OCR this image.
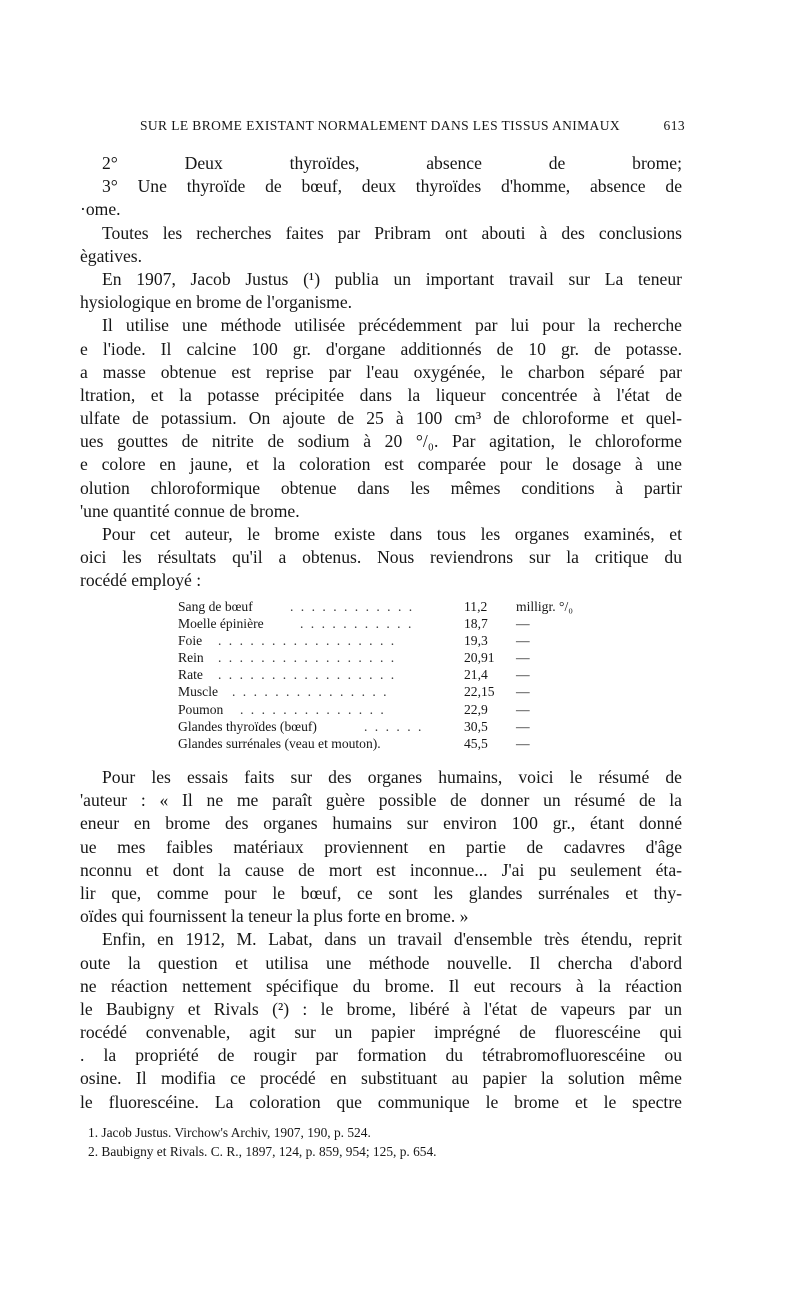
SUR LE BROME EXISTANT NORMALEMENT DANS LES TISSUS ANIMAUX	613
2° Deux thyroïdes, absence de brome;
3° Une thyroïde de bœuf, deux thyroïdes d'homme, absence de
·ome.
Toutes les recherches faites par Pribram ont abouti à des conclusions
ègatives.
En 1907, Jacob Justus (¹) publia un important travail sur La teneur
hysiologique en brome de l'organisme.
Il utilise une méthode utilisée précédemment par lui pour la recherche
e l'iode. Il calcine 100 gr. d'organe additionnés de 10 gr. de potasse.
a masse obtenue est reprise par l'eau oxygénée, le charbon séparé par
ltration, et la potasse précipitée dans la liqueur concentrée à l'état de
ulfate de potassium. On ajoute de 25 à 100 cm³ de chloroforme et quel-
ues gouttes de nitrite de sodium à 20 °/₀. Par agitation, le chloroforme
e colore en jaune, et la coloration est comparée pour le dosage à une
olution chloroformique obtenue dans les mêmes conditions à partir
'une quantité connue de brome.
Pour cet auteur, le brome existe dans tous les organes examinés, et
oici les résultats qu'il a obtenus. Nous reviendrons sur la critique du
rocédé employé :
Sang de bœuf	. . . . . . . . . . . .	11,2 milligr. °/₀
Moelle épinière	. . . . . . . . . . .	18,7 —
Foie . . . . . . . . . . . . . . . . .	19,3 —
Rein . . . . . . . . . . . . . . . . .	20,91 —
Rate . . . . . . . . . . . . . . . . .	21,4 —
Muscle . . . . . . . . . . . . . . .	22,15 —
Poumon . . . . . . . . . . . . . .	22,9 —
Glandes thyroïdes (bœuf)	. . . . . .	30,5 —
Glandes surrénales (veau et mouton).	45,5 —
Pour les essais faits sur des organes humains, voici le résumé de
'auteur : « Il ne me paraît guère possible de donner un résumé de la
eneur en brome des organes humains sur environ 100 gr., étant donné
ue mes faibles matériaux proviennent en partie de cadavres d'âge
nconnu et dont la cause de mort est inconnue... J'ai pu seulement éta-
lir que, comme pour le bœuf, ce sont les glandes surrénales et thy-
oïdes qui fournissent la teneur la plus forte en brome. »
Enfin, en 1912, M. Labat, dans un travail d'ensemble très étendu, reprit
oute la question et utilisa une méthode nouvelle. Il chercha d'abord
ne réaction nettement spécifique du brome. Il eut recours à la réaction
le Baubigny et Rivals (²) : le brome, libéré à l'état de vapeurs par un
rocédé convenable, agit sur un papier imprégné de fluorescéine qui
. la propriété de rougir par formation du tétrabromofluorescéine ou
osine. Il modifia ce procédé en substituant au papier la solution même
le fluorescéine. La coloration que communique le brome et le spectre
1. Jacob Justus. Virchow's Archiv, 1907, 190, p. 524.
2. Baubigny et Rivals. C. R., 1897, 124, p. 859, 954; 125, p. 654.
